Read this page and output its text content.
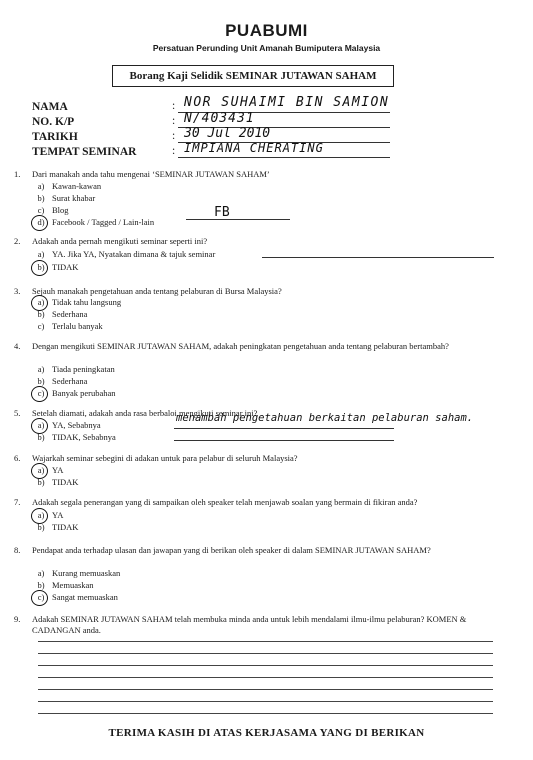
PUABUMI
Persatuan Perunding Unit Amanah Bumiputera Malaysia
Borang Kaji Selidik SEMINAR JUTAWAN SAHAM
NAMA	: NOR SUHAIMI BIN SAMION
NO. K/P	: N/403431
TARIKH	: 30 Jul 2010
TEMPAT SEMINAR	: IMPIANA CHERATING
1. Dari manakah anda tahu mengenai ‘SEMINAR JUTAWAN SAHAM’
a) Kawan-kawan
b) Surat khabar
c) Blog
d) Facebook / Tagged / Lain-lain
FB
2. Adakah anda pernah mengikuti seminar seperti ini?
a) YA. Jika YA, Nyatakan dimana & tajuk seminar
b) TIDAK
3. Sejauh manakah pengetahuan anda tentang pelaburan di Bursa Malaysia?
a) Tidak tahu langsung
b) Sederhana
c) Terlalu banyak
4. Dengan mengikuti SEMINAR JUTAWAN SAHAM, adakah peningkatan pengetahuan anda tentang pelaburan bertambah?
a) Tiada peningkatan
b) Sederhana
c) Banyak perubahan
5. Setelah diamati, adakah anda rasa berbaloi mengikuti seminar ini?
a) YA, Sebabnya
menambah pengetahuan berkaitan pelaburan saham.
b) TIDAK, Sebabnya
6. Wajarkah seminar sebegini di adakan untuk para pelabur di seluruh Malaysia?
a) YA
b) TIDAK
7. Adakah segala penerangan yang di sampaikan oleh speaker telah menjawab soalan yang bermain di fikiran anda?
a) YA
b) TIDAK
8. Pendapat anda terhadap ulasan dan jawapan yang di berikan oleh speaker di dalam SEMINAR JUTAWAN SAHAM?
a) Kurang memuaskan
b) Memuaskan
c) Sangat memuaskan
9. Adakah SEMINAR JUTAWAN SAHAM telah membuka minda anda untuk lebih mendalami ilmu-ilmu pelaburan? KOMEN & CADANGAN anda.
TERIMA KASIH DI ATAS KERJASAMA YANG DI BERIKAN
